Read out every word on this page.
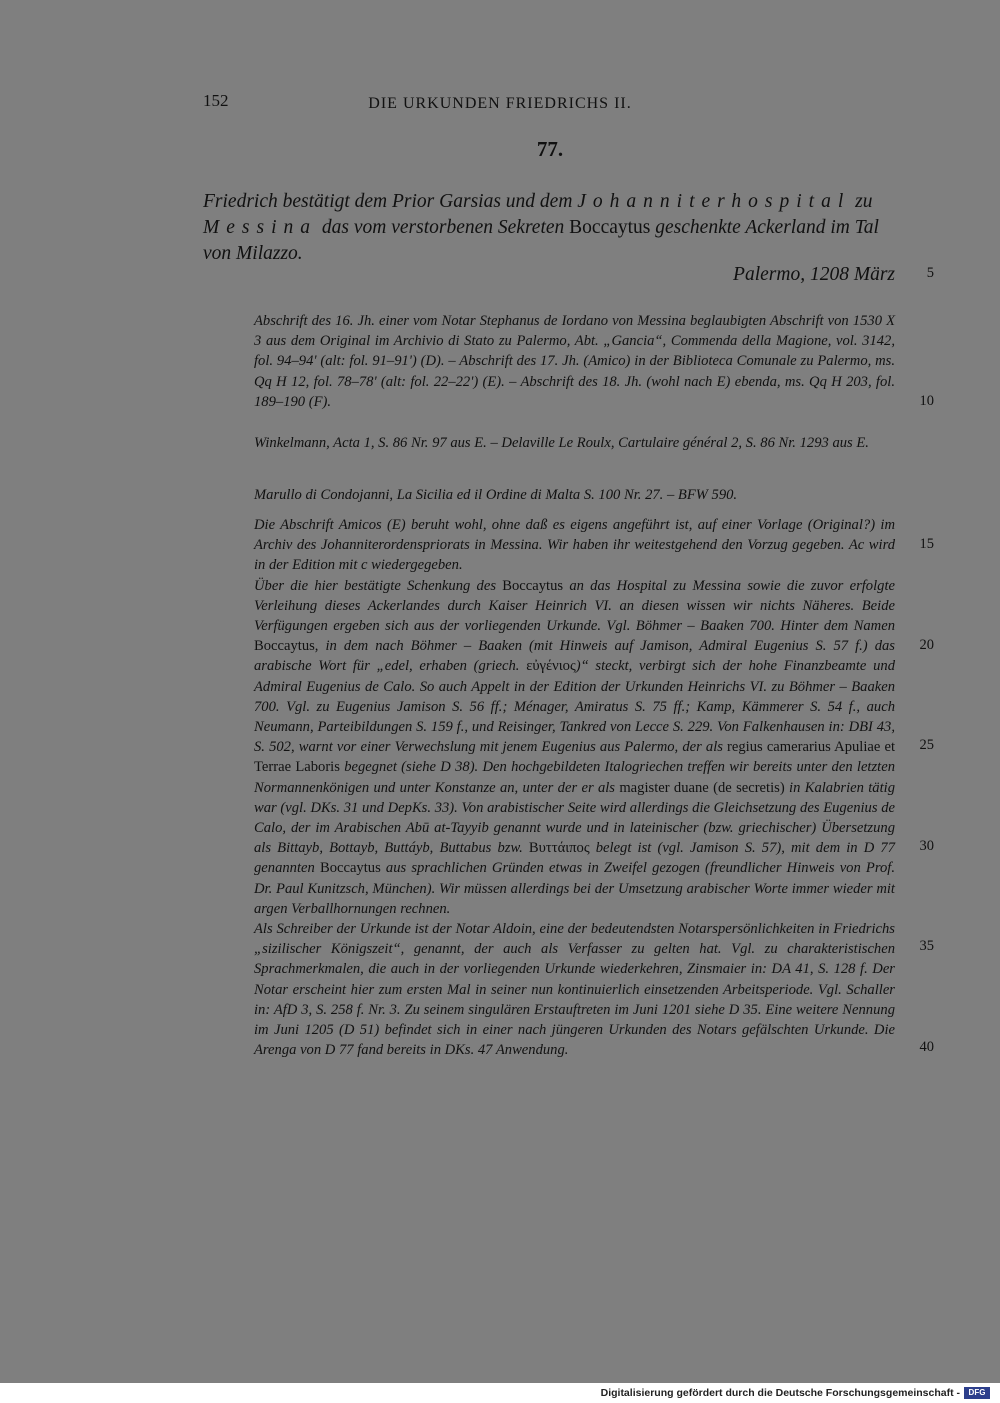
152	DIE URKUNDEN FRIEDRICHS II.
77.
Friedrich bestätigt dem Prior Garsias und dem Johanniterhospital zu Messina das vom verstorbenen Sekreten Boccaytus geschenkte Ackerland im Tal von Milazzo.
Palermo, 1208 März

Abschrift des 16. Jh. einer vom Notar Stephanus de Iordano von Messina beglaubigten Abschrift von 1530 X 3 aus dem Original im Archivio di Stato zu Palermo, Abt. „Gancia“, Commenda della Magione, vol. 3142, fol. 94–94' (alt: fol. 91–91') (D). – Abschrift des 17. Jh. (Amico) in der Biblioteca Comunale zu Palermo, ms. Qq H 12, fol. 78–78' (alt: fol. 22–22') (E). – Abschrift des 18. Jh. (wohl nach E) ebenda, ms. Qq H 203, fol. 189–190 (F).

Winkelmann, Acta 1, S. 86 Nr. 97 aus E. – Delaville Le Roulx, Cartulaire général 2, S. 86 Nr. 1293 aus E.

Marullo di Condojanni, La Sicilia ed il Ordine di Malta S. 100 Nr. 27. – BFW 590.

Die Abschrift Amicos (E) beruht wohl, ohne daß es eigens angeführt ist, auf einer Vorlage (Original?) im Archiv des Johanniterordenspriorats in Messina. Wir haben ihr weitestgehend den Vorzug gegeben. Ac wird in der Edition mit c wiedergegeben.

Über die hier bestätigte Schenkung des Boccaytus an das Hospital zu Messina sowie die zuvor erfolgte Verleihung dieses Ackerlandes durch Kaiser Heinrich VI. an diesen wissen wir nichts Näheres. Beide Verfügungen ergeben sich aus der vorliegenden Urkunde. Vgl. Böhmer – Baaken 700. Hinter dem Namen Boccaytus, in dem nach Böhmer – Baaken (mit Hinweis auf Jamison, Admiral Eugenius S. 57 f.) das arabische Wort für „edel, erhaben (griech. εὐγένιος)“ steckt, verbirgt sich der hohe Finanzbeamte und Admiral Eugenius de Calo. So auch Appelt in der Edition der Urkunden Heinrichs VI. zu Böhmer – Baaken 700. Vgl. zu Eugenius Jamison S. 56 ff.; Ménager, Amiratus S. 75 ff.; Kamp, Kämmerer S. 54 f., auch Neumann, Parteibildungen S. 159 f., und Reisinger, Tankred von Lecce S. 229. Von Falkenhausen in: DBI 43, S. 502, warnt vor einer Verwechslung mit jenem Eugenius aus Palermo, der als regius camerarius Apuliae et Terrae Laboris begegnet (siehe D 38). Den hochgebildeten Italogriechen treffen wir bereits unter den letzten Normannenkönigen und unter Konstanze an, unter der er als magister duane (de secretis) in Kalabrien tätig war (vgl. DKs. 31 und DepKs. 33). Von arabistischer Seite wird allerdings die Gleichsetzung des Eugenius de Calo, der im Arabischen Abū at-Tayyib genannt wurde und in lateinischer (bzw. griechischer) Übersetzung als Bittayb, Bottayb, Buttáyb, Buttabus bzw. Βυττάιπος belegt ist (vgl. Jamison S. 57), mit dem in D 77 genannten Boccaytus aus sprachlichen Gründen etwas in Zweifel gezogen (freundlicher Hinweis von Prof. Dr. Paul Kunitzsch, München). Wir müssen allerdings bei der Umsetzung arabischer Worte immer wieder mit argen Verballhornungen rechnen.

Als Schreiber der Urkunde ist der Notar Aldoin, eine der bedeutendsten Notarspersönlichkeiten in Friedrichs „sizilischer Königszeit“, genannt, der auch als Verfasser zu gelten hat. Vgl. zu charakteristischen Sprachmerkmalen, die auch in der vorliegenden Urkunde wiederkehren, Zinsmaier in: DA 41, S. 128 f. Der Notar erscheint hier zum ersten Mal in seiner nun kontinuierlich einsetzenden Arbeitsperiode. Vgl. Schaller in: AfD 3, S. 258 f. Nr. 3. Zu seinem singulären Erstauftreten im Juni 1201 siehe D 35. Eine weitere Nennung im Juni 1205 (D 51) befindet sich in einer nach jüngeren Urkunden des Notars gefälschten Urkunde. Die Arenga von D 77 fand bereits in DKs. 47 Anwendung.

5
10
15
20
25
30
35
40
Digitalisierung gefördert durch die Deutsche Forschungsgemeinschaft -	DFG
